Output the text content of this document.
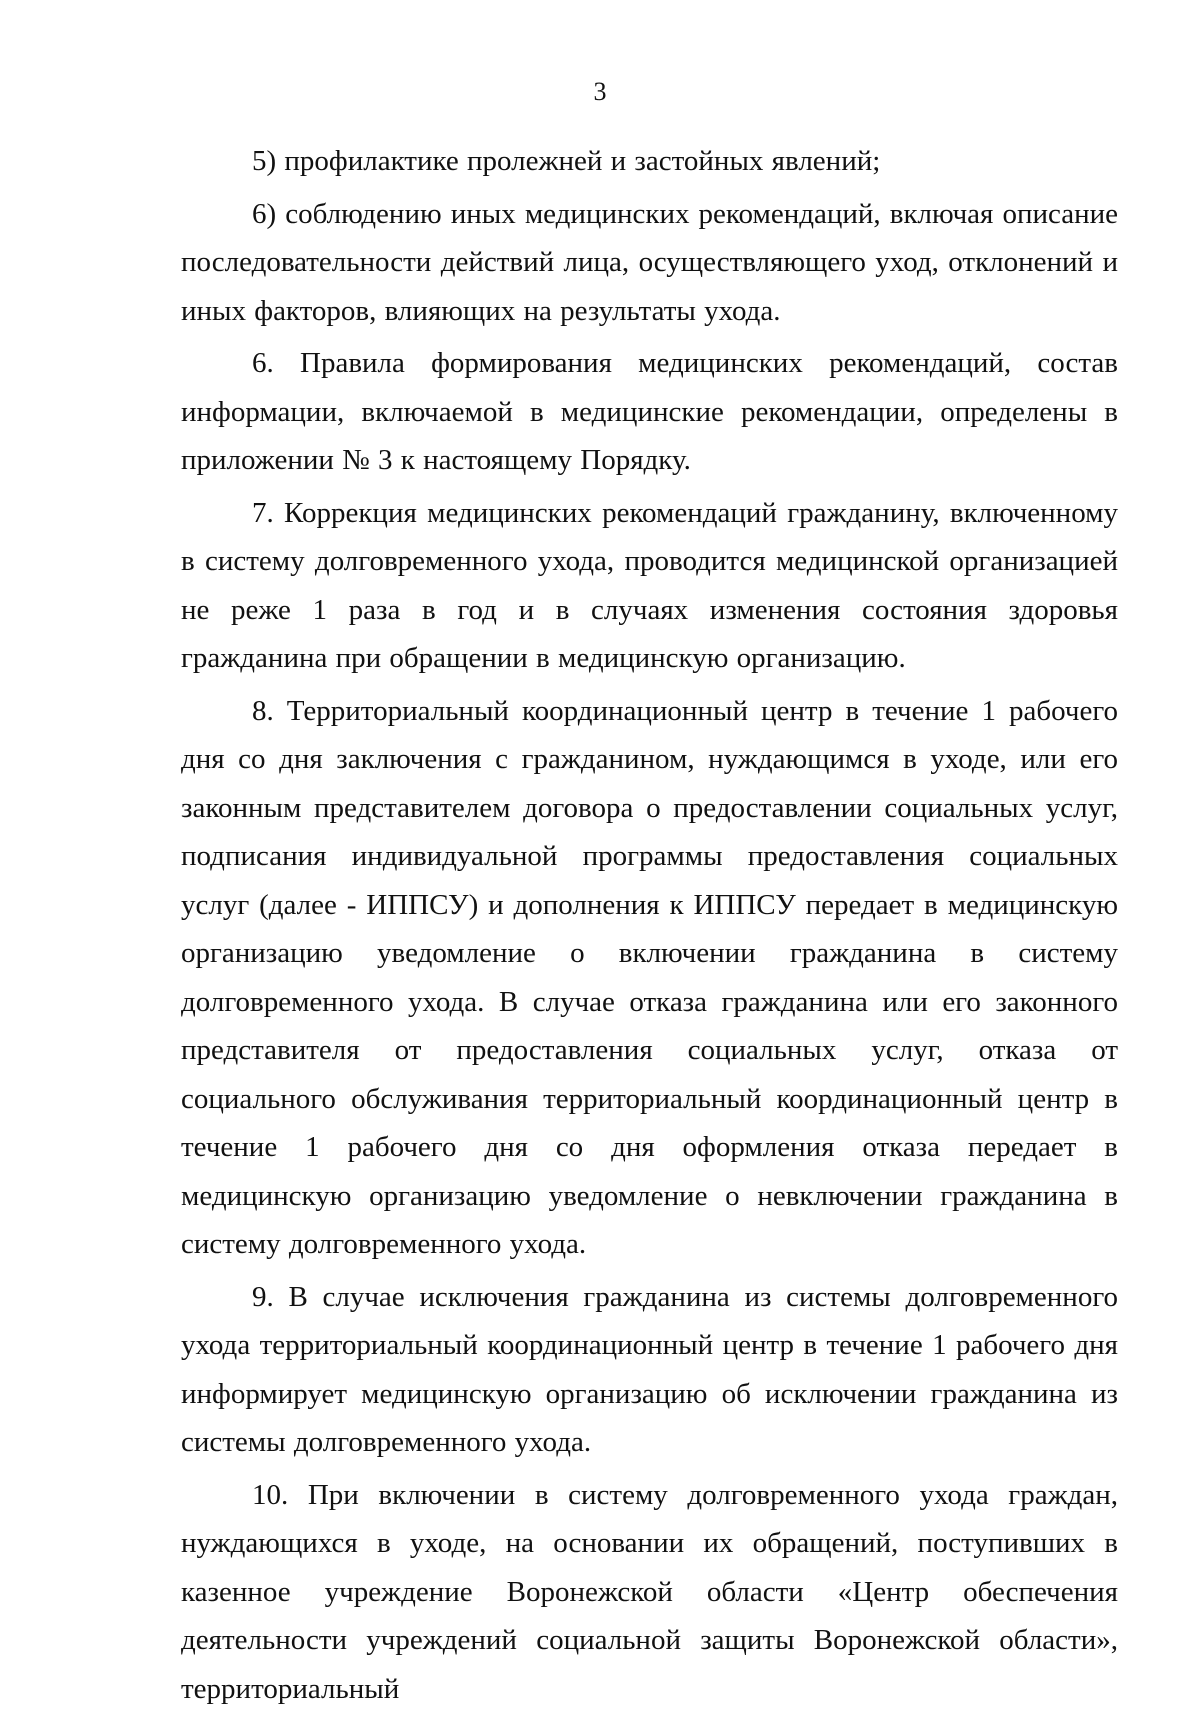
3

5) профилактике пролежней и застойных явлений;

6) соблюдению иных медицинских рекомендаций, включая описание последовательности действий лица, осуществляющего уход, отклонений и иных факторов, влияющих на результаты ухода.

6. Правила формирования медицинских рекомендаций, состав информации, включаемой в медицинские рекомендации, определены в приложении № 3 к настоящему Порядку.

7. Коррекция медицинских рекомендаций гражданину, включенному в систему долговременного ухода, проводится медицинской организацией не реже 1 раза в год и в случаях изменения состояния здоровья гражданина при обращении в медицинскую организацию.

8. Территориальный координационный центр в течение 1 рабочего дня со дня заключения с гражданином, нуждающимся в уходе, или его законным представителем договора о предоставлении социальных услуг, подписания индивидуальной программы предоставления социальных услуг (далее - ИППСУ) и дополнения к ИППСУ передает в медицинскую организацию уведомление о включении гражданина в систему долговременного ухода. В случае отказа гражданина или его законного представителя от предоставления социальных услуг, отказа от социального обслуживания территориальный координационный центр в течение 1 рабочего дня со дня оформления отказа передает в медицинскую организацию уведомление о невключении гражданина в систему долговременного ухода.

9. В случае исключения гражданина из системы долговременного ухода территориальный координационный центр в течение 1 рабочего дня информирует медицинскую организацию об исключении гражданина из системы долговременного ухода.

10. При включении в систему долговременного ухода граждан, нуждающихся в уходе, на основании их обращений, поступивших в казенное учреждение Воронежской области «Центр обеспечения деятельности учреждений социальной защиты Воронежской области», территориальный
